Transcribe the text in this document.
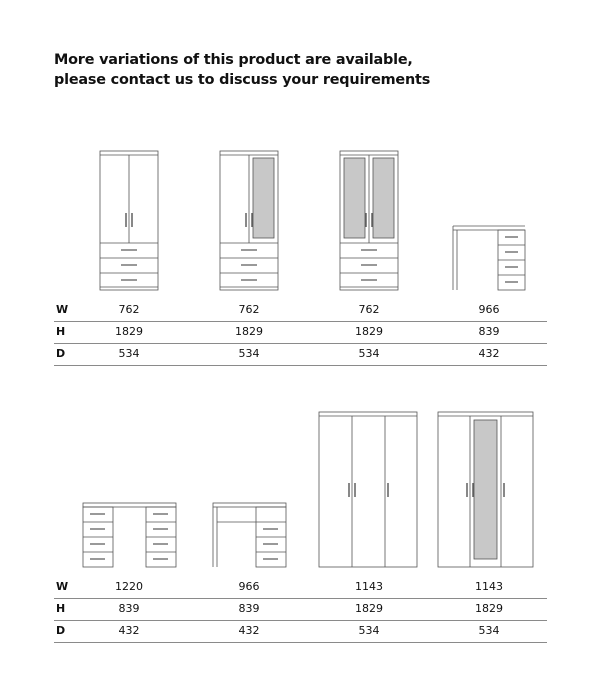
More variations of this product are available,
please contact us to discuss your requirements
W	762	762	762	966
H	1829	1829	1829	839
D	534	534	534	432
W	1220	966	1143	1143
H	839	839	1829	1829
D	432	432	534	534
